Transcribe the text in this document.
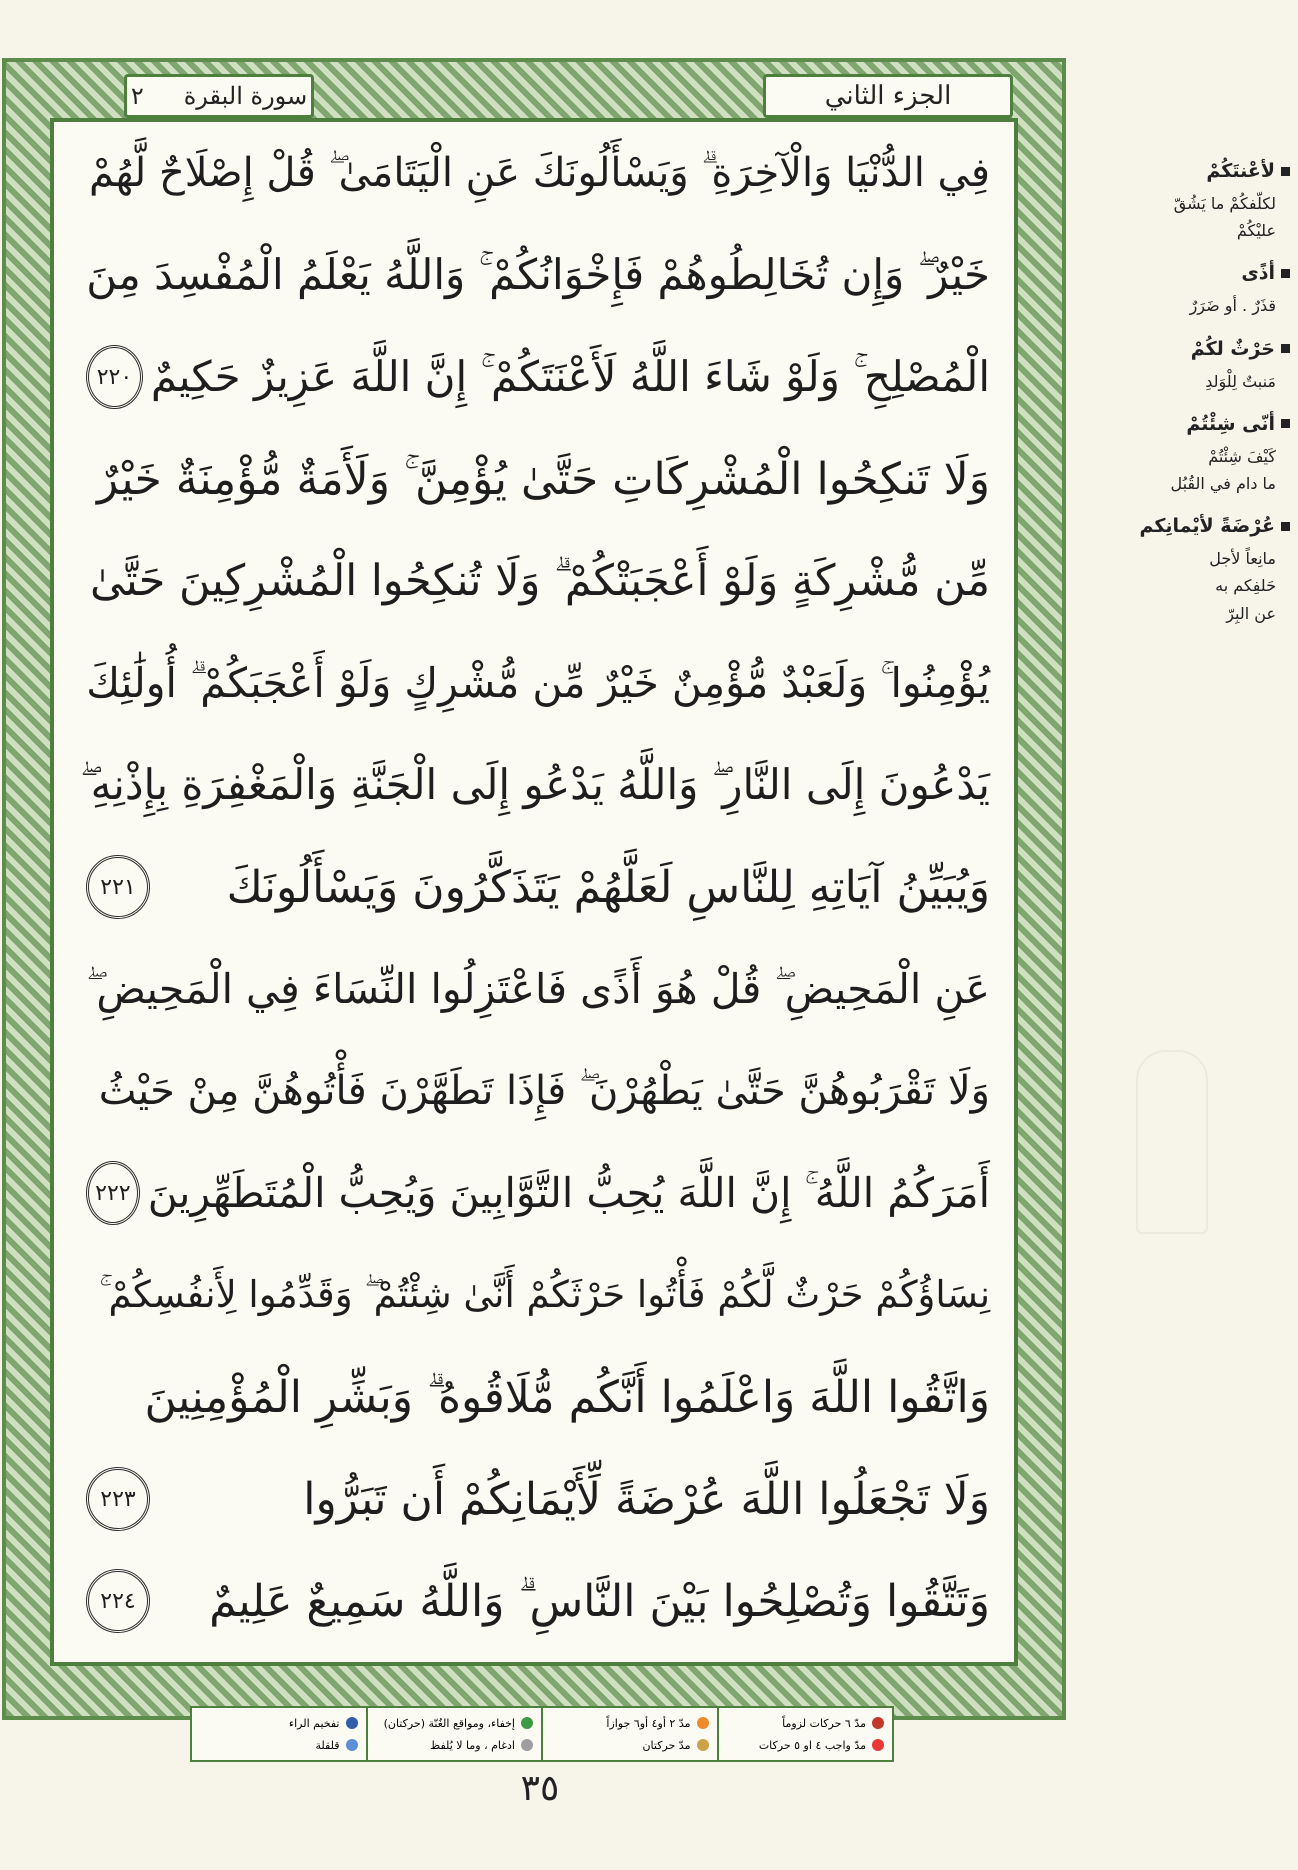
سورة البقرة
٢	الجزء الثاني
فِي الدُّنْيَا وَالْآخِرَةِ ۗ وَيَسْأَلُونَكَ عَنِ الْيَتَامَىٰ ۖ قُلْ إِصْلَاحٌ لَّهُمْ
خَيْرٌ ۖ وَإِن تُخَالِطُوهُمْ فَإِخْوَانُكُمْ ۚ وَاللَّهُ يَعْلَمُ الْمُفْسِدَ مِنَ
الْمُصْلِحِ ۚ وَلَوْ شَاءَ اللَّهُ لَأَعْنَتَكُمْ ۚ إِنَّ اللَّهَ عَزِيزٌ حَكِيمٌ
٢٢٠
وَلَا تَنكِحُوا الْمُشْرِكَاتِ حَتَّىٰ يُؤْمِنَّ ۚ وَلَأَمَةٌ مُّؤْمِنَةٌ خَيْرٌ
مِّن مُّشْرِكَةٍ وَلَوْ أَعْجَبَتْكُمْ ۗ وَلَا تُنكِحُوا الْمُشْرِكِينَ حَتَّىٰ
يُؤْمِنُوا ۚ وَلَعَبْدٌ مُّؤْمِنٌ خَيْرٌ مِّن مُّشْرِكٍ وَلَوْ أَعْجَبَكُمْ ۗ أُولَٰئِكَ
يَدْعُونَ إِلَى النَّارِ ۖ وَاللَّهُ يَدْعُو إِلَى الْجَنَّةِ وَالْمَغْفِرَةِ بِإِذْنِهِ ۖ
وَيُبَيِّنُ آيَاتِهِ لِلنَّاسِ لَعَلَّهُمْ يَتَذَكَّرُونَ وَيَسْأَلُونَكَ
٢٢١
عَنِ الْمَحِيضِ ۖ قُلْ هُوَ أَذًى فَاعْتَزِلُوا النِّسَاءَ فِي الْمَحِيضِ ۖ
وَلَا تَقْرَبُوهُنَّ حَتَّىٰ يَطْهُرْنَ ۖ فَإِذَا تَطَهَّرْنَ فَأْتُوهُنَّ مِنْ حَيْثُ
أَمَرَكُمُ اللَّهُ ۚ إِنَّ اللَّهَ يُحِبُّ التَّوَّابِينَ وَيُحِبُّ الْمُتَطَهِّرِينَ
٢٢٢
نِسَاؤُكُمْ حَرْثٌ لَّكُمْ فَأْتُوا حَرْثَكُمْ أَنَّىٰ شِئْتُمْ ۖ وَقَدِّمُوا لِأَنفُسِكُمْ ۚ
وَاتَّقُوا اللَّهَ وَاعْلَمُوا أَنَّكُم مُّلَاقُوهُ ۗ وَبَشِّرِ الْمُؤْمِنِينَ
وَلَا تَجْعَلُوا اللَّهَ عُرْضَةً لِّأَيْمَانِكُمْ أَن تَبَرُّوا
٢٢٣
وَتَتَّقُوا وَتُصْلِحُوا بَيْنَ النَّاسِ ۗ وَاللَّهُ سَمِيعٌ عَلِيمٌ
٢٢٤
لأعْنتَكُمْ
لكلّفكُمْ ما يَشُقّ
عليْكُمْ
أذًى
قذَرٌ . أو ضَرَرٌ
حَرْثٌ لكُمْ
مَنبتٌ لِلْوَلدِ
أنّى شِئْتُمْ
كَيْفَ شِئْتُمْ
ما دام في القُبُل
عُرْضَةً لأيْمانِكم
مانِعاً لأجل
حَلفِكم به
عن البِرّ
مدّ ٦ حركات لزوماً
مدّ واجب ٤ او ٥ حركات
مدّ ٢ أو٤ أو٦ جوازاً
مدّ حركتان
إخفاء، ومواقع الغُنّة (حركتان)
ادغام ، وما لا يُلفظ
تفخيم الراء
قلقلة
٣٥
